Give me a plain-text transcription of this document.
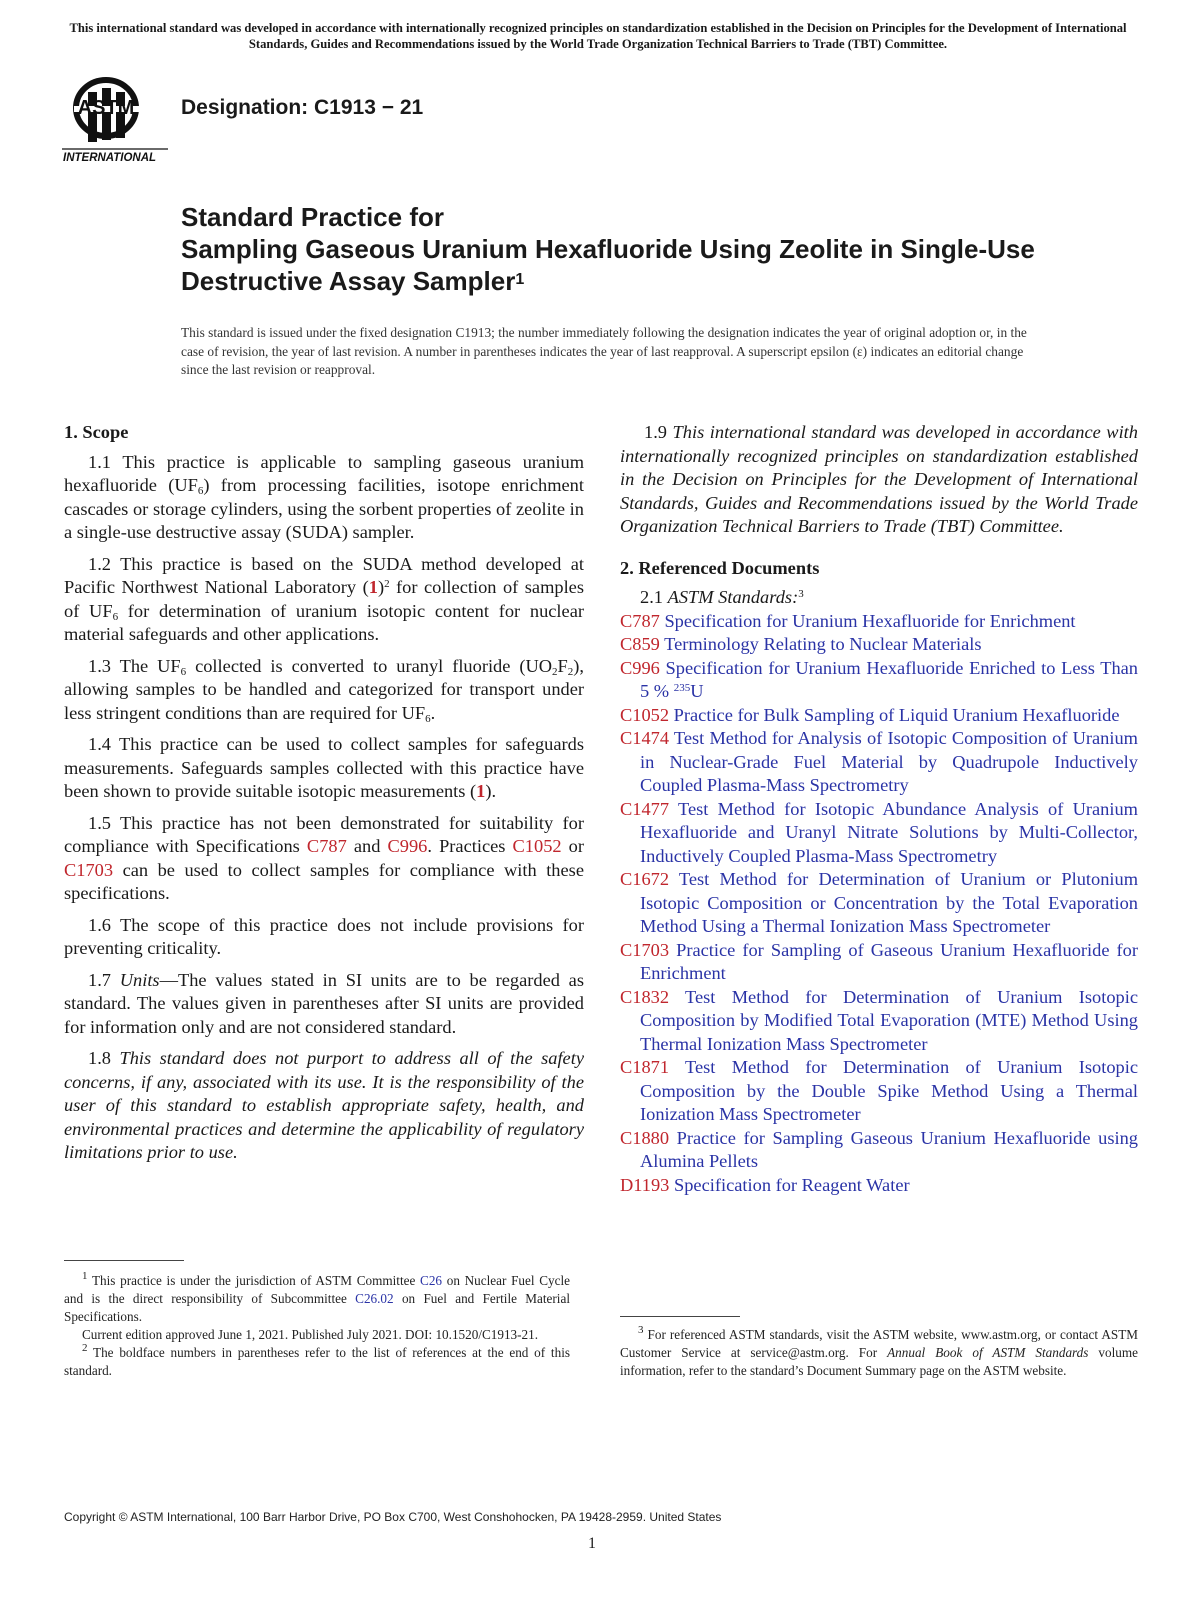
This international standard was developed in accordance with internationally recognized principles on standardization established in the Decision on Principles for the Development of International Standards, Guides and Recommendations issued by the World Trade Organization Technical Barriers to Trade (TBT) Committee.
ASTM
INTERNATIONAL
Designation: C1913 − 21
Standard Practice for
Sampling Gaseous Uranium Hexafluoride Using Zeolite in Single-Use Destructive Assay Sampler$^1$
This standard is issued under the fixed designation C1913; the number immediately following the designation indicates the year of original adoption or, in the case of revision, the year of last revision. A number in parentheses indicates the year of last reapproval. A superscript epsilon (ε) indicates an editorial change since the last revision or reapproval.
1. Scope

1.1 This practice is applicable to sampling gaseous uranium hexafluoride $(UF_6)$ from processing facilities, isotope enrichment cascades or storage cylinders, using the sorbent properties of zeolite in a single-use destructive assay (SUDA) sampler.

1.2 This practice is based on the SUDA method developed at Pacific Northwest National Laboratory $(1)^2$ for collection of samples of $UF_6$ for determination of uranium isotopic content for nuclear material safeguards and other applications.

1.3 The $UF_6$ collected is converted to uranyl fluoride $(UO_2F_2)$, allowing samples to be handled and categorized for transport under less stringent conditions than are required for $UF_6$.

1.4 This practice can be used to collect samples for safeguards measurements. Safeguards samples collected with this practice have been shown to provide suitable isotopic measurements (1).

1.5 This practice has not been demonstrated for suitability for compliance with Specifications C787 and C996. Practices C1052 or C1703 can be used to collect samples for compliance with these specifications.

1.6 The scope of this practice does not include provisions for preventing criticality.

1.7 Units—The values stated in SI units are to be regarded as standard. The values given in parentheses after SI units are provided for information only and are not considered standard.

1.8 This standard does not purport to address all of the safety concerns, if any, associated with its use. It is the responsibility of the user of this standard to establish appropriate safety, health, and environmental practices and determine the applicability of regulatory limitations prior to use.

$^1$ This practice is under the jurisdiction of ASTM Committee C26 on Nuclear Fuel Cycle and is the direct responsibility of Subcommittee C26.02 on Fuel and Fertile Material Specifications.

Current edition approved June 1, 2021. Published July 2021. DOI: 10.1520/C1913-21.

$^2$ The boldface numbers in parentheses refer to the list of references at the end of this standard.

1.9 This international standard was developed in accordance with internationally recognized principles on standardization established in the Decision on Principles for the Development of International Standards, Guides and Recommendations issued by the World Trade Organization Technical Barriers to Trade (TBT) Committee.

2. Referenced Documents

2.1 ASTM Standards:$^3$

C787 Specification for Uranium Hexafluoride for Enrichment

C859 Terminology Relating to Nuclear Materials

C996 Specification for Uranium Hexafluoride Enriched to Less Than 5 % $^{235}$U

C1052 Practice for Bulk Sampling of Liquid Uranium Hexafluoride

C1474 Test Method for Analysis of Isotopic Composition of Uranium in Nuclear-Grade Fuel Material by Quadrupole Inductively Coupled Plasma-Mass Spectrometry

C1477 Test Method for Isotopic Abundance Analysis of Uranium Hexafluoride and Uranyl Nitrate Solutions by Multi-Collector, Inductively Coupled Plasma-Mass Spectrometry

C1672 Test Method for Determination of Uranium or Plutonium Isotopic Composition or Concentration by the Total Evaporation Method Using a Thermal Ionization Mass Spectrometer

C1703 Practice for Sampling of Gaseous Uranium Hexafluoride for Enrichment

C1832 Test Method for Determination of Uranium Isotopic Composition by Modified Total Evaporation (MTE) Method Using Thermal Ionization Mass Spectrometer

C1871 Test Method for Determination of Uranium Isotopic Composition by the Double Spike Method Using a Thermal Ionization Mass Spectrometer

C1880 Practice for Sampling Gaseous Uranium Hexafluoride using Alumina Pellets

D1193 Specification for Reagent Water

$^3$ For referenced ASTM standards, visit the ASTM website, www.astm.org, or contact ASTM Customer Service at service@astm.org. For Annual Book of ASTM Standards volume information, refer to the standard’s Document Summary page on the ASTM website.

Copyright © ASTM International, 100 Barr Harbor Drive, PO Box C700, West Conshohocken, PA 19428-2959. United States
1
